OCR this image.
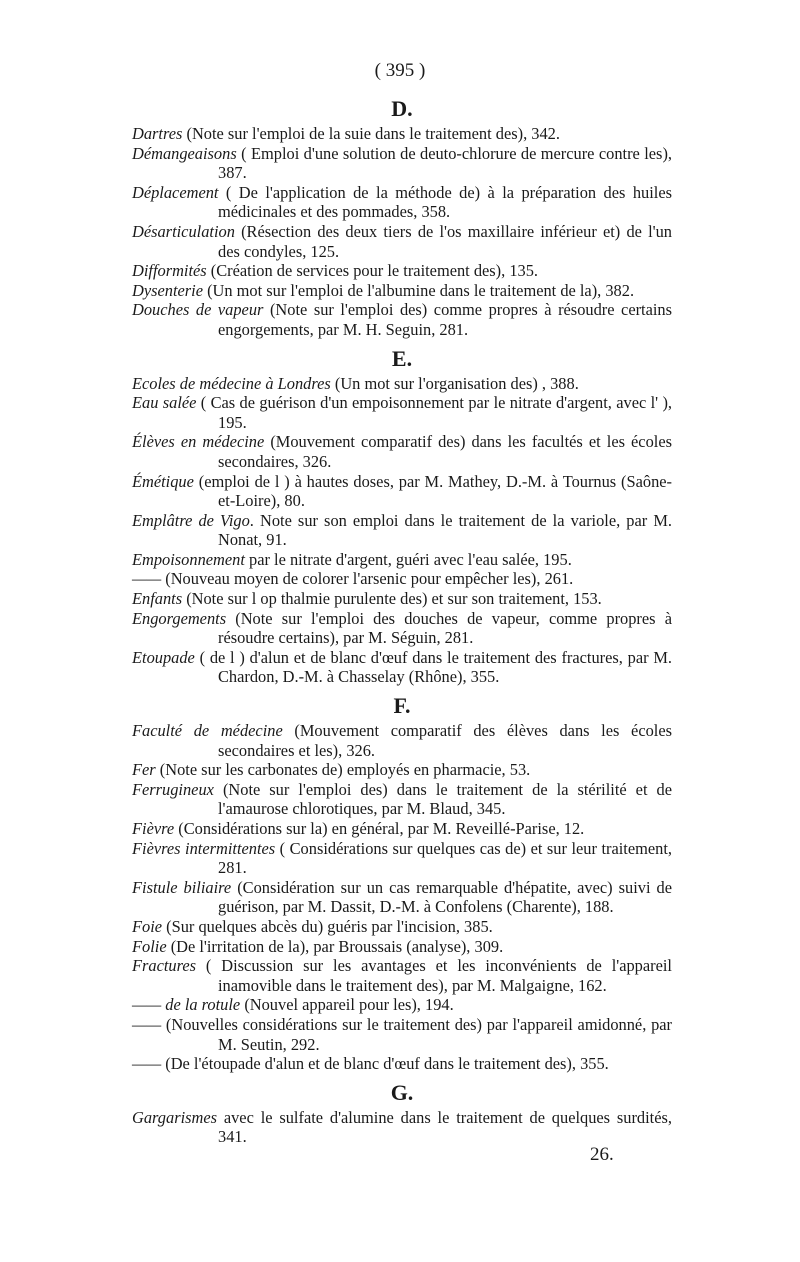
( 395 )
D.

Dartres (Note sur l'emploi de la suie dans le traitement des), 342.

Démangeaisons ( Emploi d'une solution de deuto-chlorure de mercure contre les), 387.

Déplacement ( De l'application de la méthode de) à la préparation des huiles médicinales et des pommades, 358.

Désarticulation (Résection des deux tiers de l'os maxillaire inférieur et) de l'un des condyles, 125.

Difformités (Création de services pour le traitement des), 135.

Dysenterie (Un mot sur l'emploi de l'albumine dans le traitement de la), 382.

Douches de vapeur (Note sur l'emploi des) comme propres à résoudre certains engorgements, par M. H. Seguin, 281.

E.

Ecoles de médecine à Londres (Un mot sur l'organisation des) , 388.

Eau salée ( Cas de guérison d'un empoisonnement par le nitrate d'argent, avec l' ), 195.

Élèves en médecine (Mouvement comparatif des) dans les facultés et les écoles secondaires, 326.

Émétique (emploi de l ) à hautes doses, par M. Mathey, D.-M. à Tournus (Saône-et-Loire), 80.

Emplâtre de Vigo. Note sur son emploi dans le traitement de la variole, par M. Nonat, 91.

Empoisonnement par le nitrate d'argent, guéri avec l'eau salée, 195.

—— (Nouveau moyen de colorer l'arsenic pour empêcher les), 261.

Enfants (Note sur l op thalmie purulente des) et sur son traitement, 153.

Engorgements (Note sur l'emploi des douches de vapeur, comme propres à résoudre certains), par M. Séguin, 281.

Etoupade ( de l ) d'alun et de blanc d'œuf dans le traitement des fractures, par M. Chardon, D.-M. à Chasselay (Rhône), 355.

F.

Faculté de médecine (Mouvement comparatif des élèves dans les écoles secondaires et les), 326.

Fer (Note sur les carbonates de) employés en pharmacie, 53.

Ferrugineux (Note sur l'emploi des) dans le traitement de la stérilité et de l'amaurose chlorotiques, par M. Blaud, 345.

Fièvre (Considérations sur la) en général, par M. Reveillé-Parise, 12.

Fièvres intermittentes ( Considérations sur quelques cas de) et sur leur traitement, 281.

Fistule biliaire (Considération sur un cas remarquable d'hépatite, avec) suivi de guérison, par M. Dassit, D.-M. à Confolens (Charente), 188.

Foie (Sur quelques abcès du) guéris par l'incision, 385.

Folie (De l'irritation de la), par Broussais (analyse), 309.

Fractures ( Discussion sur les avantages et les inconvénients de l'appareil inamovible dans le traitement des), par M. Malgaigne, 162.

—— de la rotule (Nouvel appareil pour les), 194.

—— (Nouvelles considérations sur le traitement des) par l'appareil amidonné, par M. Seutin, 292.

—— (De l'étoupade d'alun et de blanc d'œuf dans le traitement des), 355.

G.

Gargarismes avec le sulfate d'alumine dans le traitement de quelques surdités, 341.

26.
